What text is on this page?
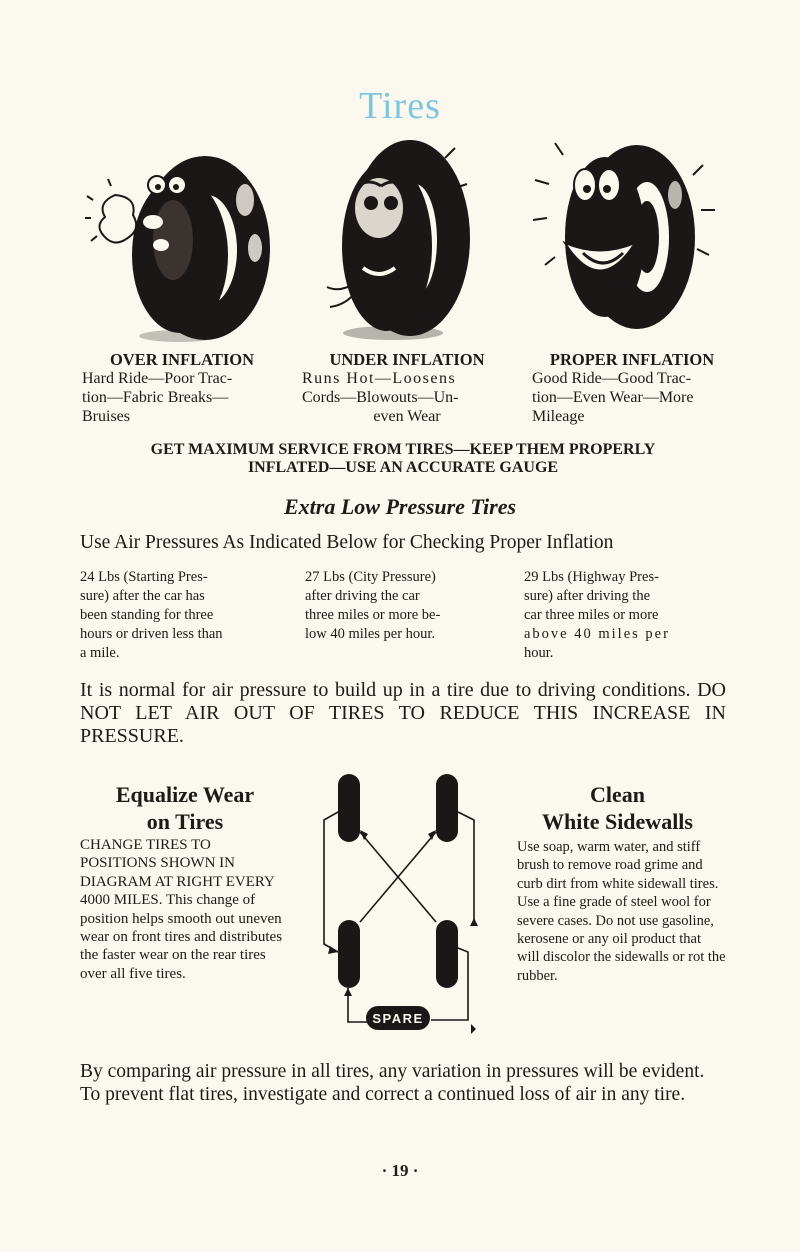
Tires
OVER INFLATION
Hard Ride—Poor Trac-
tion—Fabric Breaks—
Bruises
UNDER INFLATION
Runs Hot—Loosens
Cords—Blowouts—Un-
even Wear
PROPER INFLATION
Good Ride—Good Trac-
tion—Even Wear—More
Mileage
GET MAXIMUM SERVICE FROM TIRES—KEEP THEM PROPERLY
INFLATED—USE AN ACCURATE GAUGE
Extra Low Pressure Tires
Use Air Pressures As Indicated Below for Checking Proper Inflation
24 Lbs (Starting Pres-
sure) after the car has
been standing for three
hours or driven less than
a mile.
27 Lbs (City Pressure)
after driving the car
three miles or more be-
low 40 miles per hour.
29 Lbs (Highway Pres-
sure) after driving the
car three miles or more
above 40 miles per
hour.
It is normal for air pressure to build up in a tire due to driving conditions. DO NOT LET AIR OUT OF TIRES TO REDUCE THIS INCREASE IN PRESSURE.
Equalize Wear
on Tires
CHANGE TIRES TO POSITIONS SHOWN IN DIAGRAM AT RIGHT EVERY 4000 MILES. This change of position helps smooth out uneven wear on front tires and distributes the faster wear on the rear tires over all five tires.
SPARE
Clean
White Sidewalls
Use soap, warm water, and stiff brush to remove road grime and curb dirt from white sidewall tires. Use a fine grade of steel wool for severe cases. Do not use gasoline, kerosene or any oil product that will discolor the sidewalls or rot the rubber.
By comparing air pressure in all tires, any variation in pressures will be evident. To prevent flat tires, investigate and correct a continued loss of air in any tire.
· 19 ·
